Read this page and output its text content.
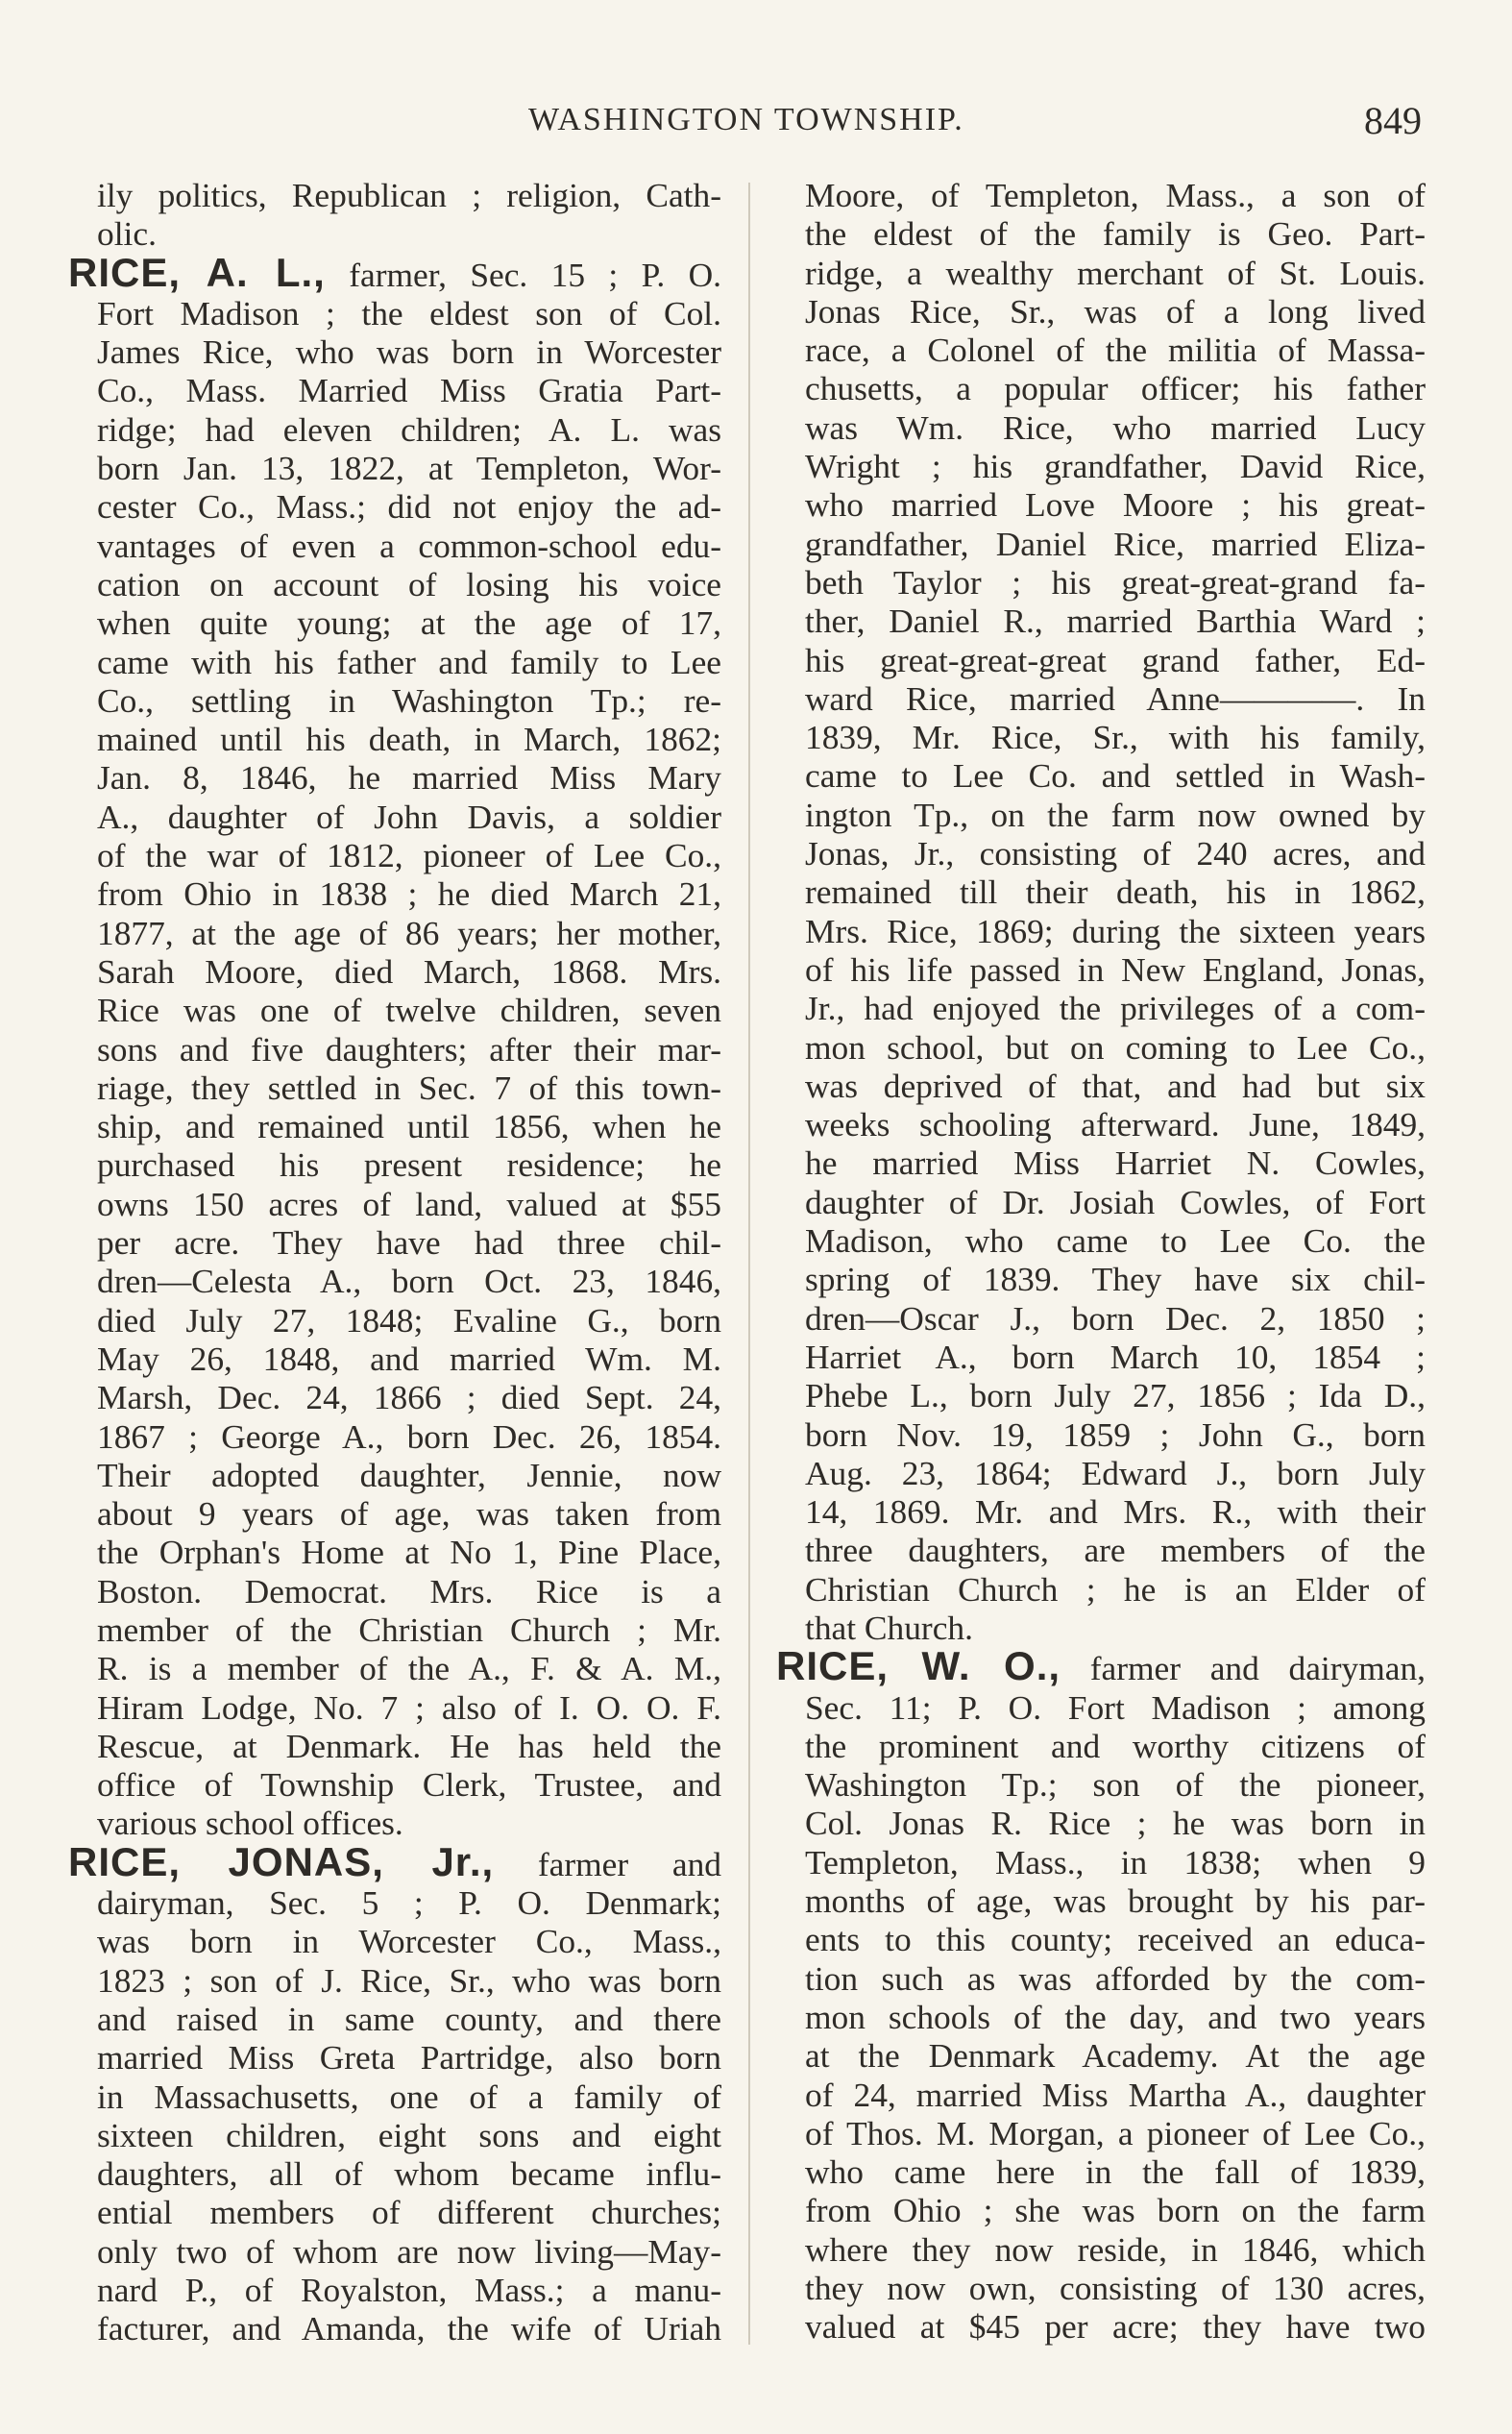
WASHINGTON TOWNSHIP.	849
ily politics, Republican ; religion, Cath-
olic.
RICE, A. L., farmer, Sec. 15 ; P. O.
Fort Madison ; the eldest son of Col.
James Rice, who was born in Worcester
Co., Mass. Married Miss Gratia Part-
ridge; had eleven children; A. L. was
born Jan. 13, 1822, at Templeton, Wor-
cester Co., Mass.; did not enjoy the ad-
vantages of even a common-school edu-
cation on account of losing his voice
when quite young; at the age of 17,
came with his father and family to Lee
Co., settling in Washington Tp.; re-
mained until his death, in March, 1862;
Jan. 8, 1846, he married Miss Mary
A., daughter of John Davis, a soldier
of the war of 1812, pioneer of Lee Co.,
from Ohio in 1838 ; he died March 21,
1877, at the age of 86 years; her mother,
Sarah Moore, died March, 1868. Mrs.
Rice was one of twelve children, seven
sons and five daughters; after their mar-
riage, they settled in Sec. 7 of this town-
ship, and remained until 1856, when he
purchased his present residence; he
owns 150 acres of land, valued at $55
per acre. They have had three chil-
dren—Celesta A., born Oct. 23, 1846,
died July 27, 1848; Evaline G., born
May 26, 1848, and married Wm. M.
Marsh, Dec. 24, 1866 ; died Sept. 24,
1867 ; George A., born Dec. 26, 1854.
Their adopted daughter, Jennie, now
about 9 years of age, was taken from
the Orphan's Home at No 1, Pine Place,
Boston. Democrat. Mrs. Rice is a
member of the Christian Church ; Mr.
R. is a member of the A., F. & A. M.,
Hiram Lodge, No. 7 ; also of I. O. O. F.
Rescue, at Denmark. He has held the
office of Township Clerk, Trustee, and
various school offices.
RICE, JONAS, Jr., farmer and
dairyman, Sec. 5 ; P. O. Denmark;
was born in Worcester Co., Mass.,
1823 ; son of J. Rice, Sr., who was born
and raised in same county, and there
married Miss Greta Partridge, also born
in Massachusetts, one of a family of
sixteen children, eight sons and eight
daughters, all of whom became influ-
ential members of different churches;
only two of whom are now living—May-
nard P., of Royalston, Mass.; a manu-
facturer, and Amanda, the wife of Uriah
Moore, of Templeton, Mass., a son of
the eldest of the family is Geo. Part-
ridge, a wealthy merchant of St. Louis.
Jonas Rice, Sr., was of a long lived
race, a Colonel of the militia of Massa-
chusetts, a popular officer; his father
was Wm. Rice, who married Lucy
Wright ; his grandfather, David Rice,
who married Love Moore ; his great-
grandfather, Daniel Rice, married Eliza-
beth Taylor ; his great-great-grand fa-
ther, Daniel R., married Barthia Ward ;
his great-great-great grand father, Ed-
ward Rice, married Anne————. In
1839, Mr. Rice, Sr., with his family,
came to Lee Co. and settled in Wash-
ington Tp., on the farm now owned by
Jonas, Jr., consisting of 240 acres, and
remained till their death, his in 1862,
Mrs. Rice, 1869; during the sixteen years
of his life passed in New England, Jonas,
Jr., had enjoyed the privileges of a com-
mon school, but on coming to Lee Co.,
was deprived of that, and had but six
weeks schooling afterward. June, 1849,
he married Miss Harriet N. Cowles,
daughter of Dr. Josiah Cowles, of Fort
Madison, who came to Lee Co. the
spring of 1839. They have six chil-
dren—Oscar J., born Dec. 2, 1850 ;
Harriet A., born March 10, 1854 ;
Phebe L., born July 27, 1856 ; Ida D.,
born Nov. 19, 1859 ; John G., born
Aug. 23, 1864; Edward J., born July
14, 1869. Mr. and Mrs. R., with their
three daughters, are members of the
Christian Church ; he is an Elder of
that Church.
RICE, W. O., farmer and dairyman,
Sec. 11; P. O. Fort Madison ; among
the prominent and worthy citizens of
Washington Tp.; son of the pioneer,
Col. Jonas R. Rice ; he was born in
Templeton, Mass., in 1838; when 9
months of age, was brought by his par-
ents to this county; received an educa-
tion such as was afforded by the com-
mon schools of the day, and two years
at the Denmark Academy. At the age
of 24, married Miss Martha A., daughter
of Thos. M. Morgan, a pioneer of Lee Co.,
who came here in the fall of 1839,
from Ohio ; she was born on the farm
where they now reside, in 1846, which
they now own, consisting of 130 acres,
valued at $45 per acre; they have two
